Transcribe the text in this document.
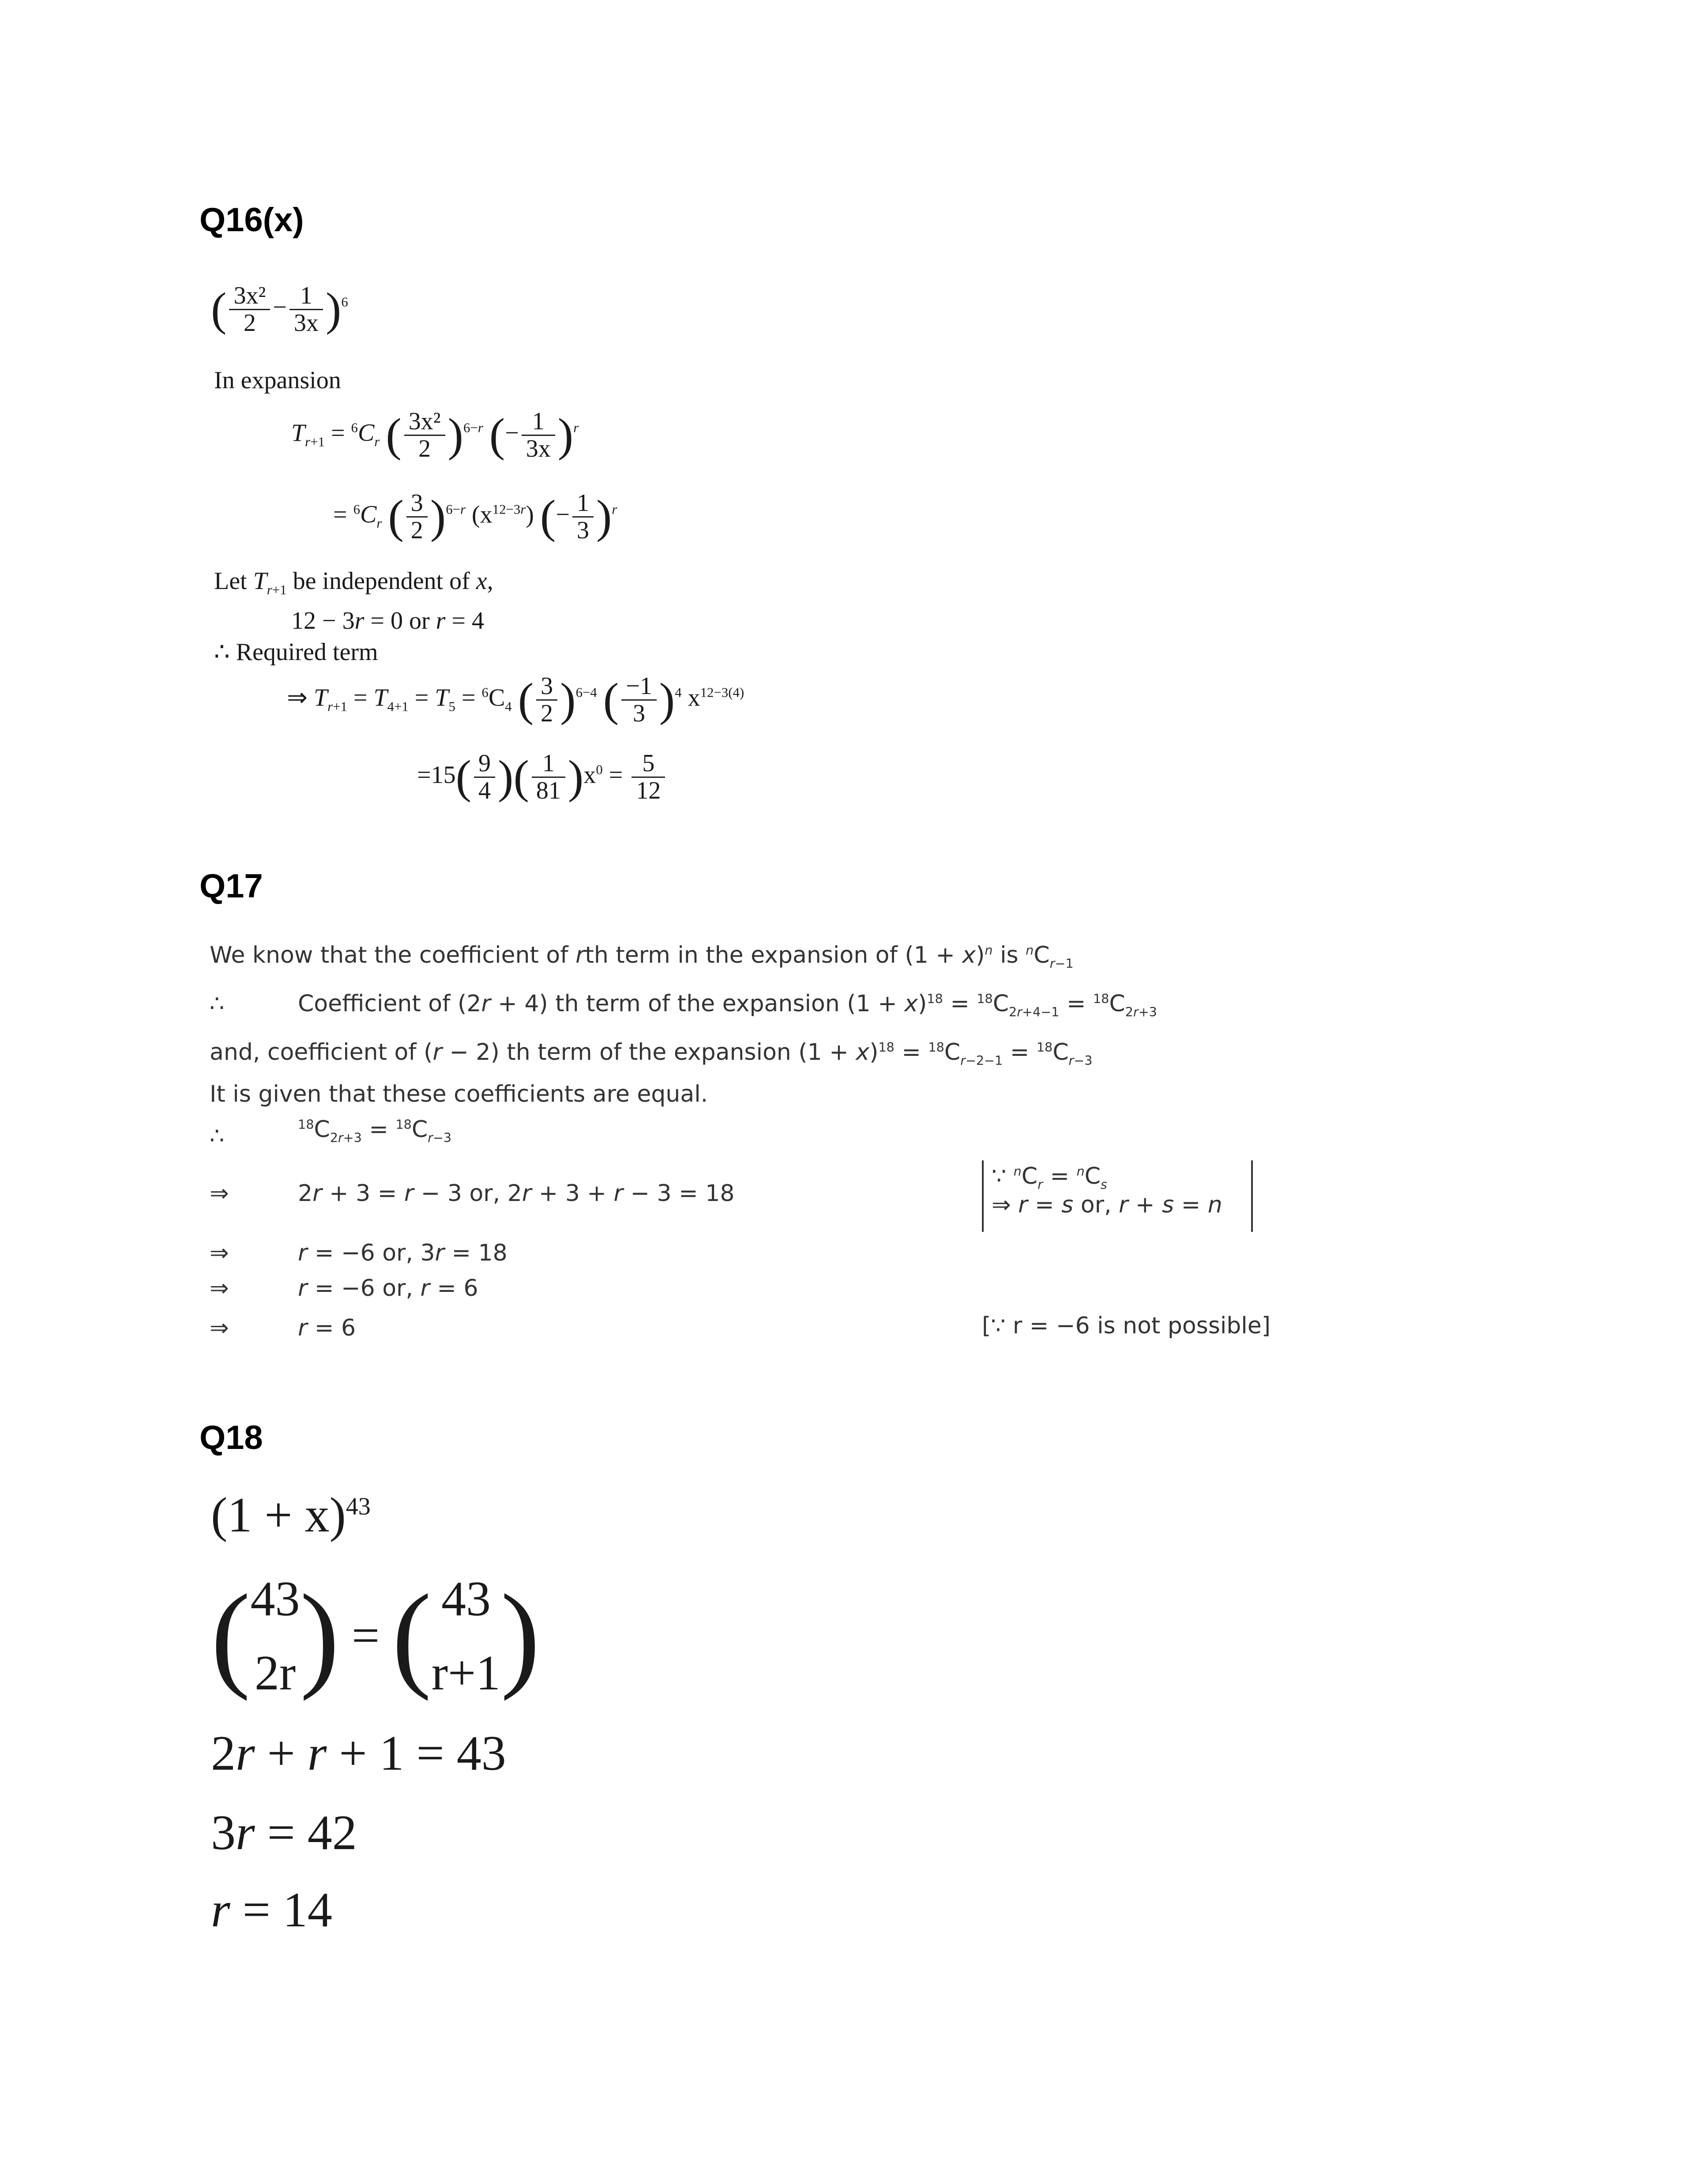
Q16(x)
( $\frac{\text{3x²}}{2} - \frac{1}{3x} )^6$
In expansion
$T_{r+1} = ^6C_r$ ( $\frac{\text{3x²}}{2} )^{6-r}$ (− $\frac{1}{3x} )^r$
= $^6C_r$ ( $\frac{3}{2} )^{6-r}$ $(x^{12-3r})$ (− $\frac{1}{3} )^r$
Let $T_{r+1}$ be independent of x,
12 − 3r = 0 or r = 4
∴ Required term
⇒ $T_{r+1} = T_{4+1} = T_5 = ^6C_4$ ( $\frac{3}{2} )^{6-4}$ ( $\frac{-1}{3} )^4$ $x^{12-3(4)}$
$=15( \frac{9}{4}$ )( $\frac{1}{81} )x^0 = \frac{5}{12}$
Q17
We know that the coefficient of rth term in the expansion of $(1 + x)^n$ is $^nC_{r-1}$
∴	Coefficient of (2r + 4) th term of the expansion $(1 + x)^{18} = ^{18}C_{2r+4-1} = ^{18}C_{2r+3}$
and, coefficient of (r − 2) th term of the expansion $(1 + x)^{18} = ^{18}C_{r-2-1} = ^{18}C_{r-3}$
It is given that these coefficients are equal.
∴	$^{18}C_{2r+3} = ^{18}C_{r-3}$
⇒	2r + 3 = r − 3 or, 2r + 3 + r − 3 = 18
∵ $^nC_r = ^nC_s$
⇒ r = s or, r + s = n
⇒	r = −6 or, 3r = 18
⇒	r = −6 or, r = 6
⇒	r = 6	[∵ r = −6 is not possible]
Q18
$(1 + x)^{43}$
( 43
2r ) = ( 43
r+1 )
2r + r + 1 = 43
3r = 42
r = 14
